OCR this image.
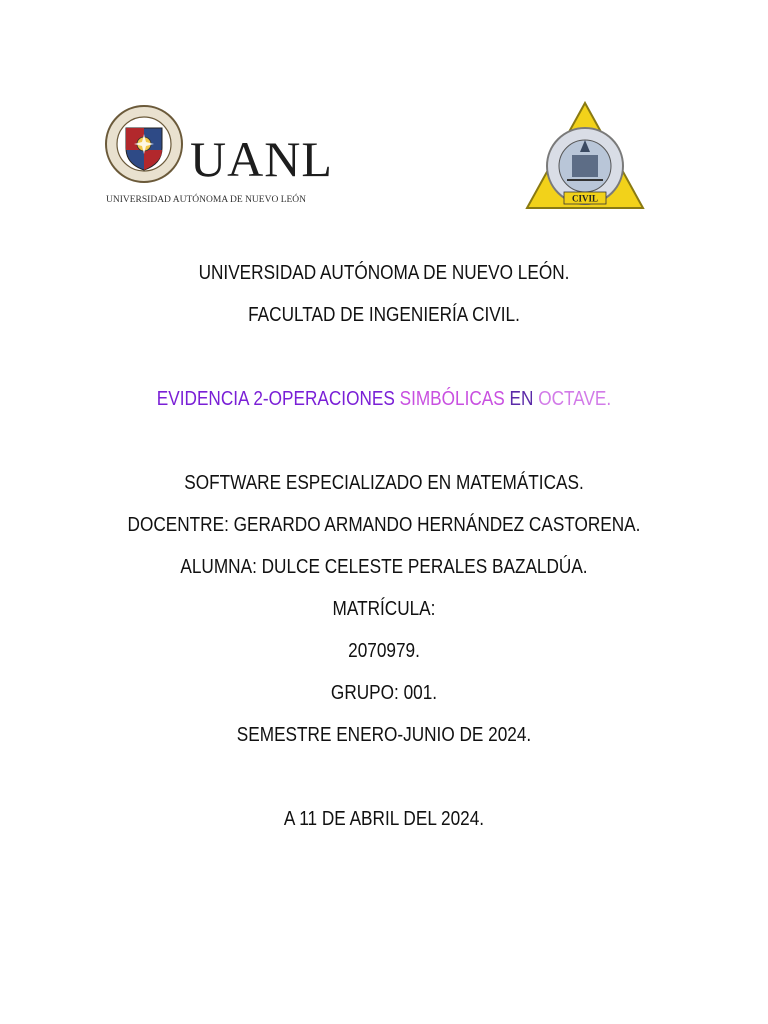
UANL
UNIVERSIDAD AUTÓNOMA DE NUEVO LEÓN	CIVIL
UNIVERSIDAD AUTÓNOMA DE NUEVO LEÓN.
FACULTAD DE INGENIERÍA CIVIL.
EVIDENCIA 2-OPERACIONES SIMBÓLICAS EN OCTAVE.
SOFTWARE ESPECIALIZADO EN MATEMÁTICAS.
DOCENTRE: GERARDO ARMANDO HERNÁNDEZ CASTORENA.
ALUMNA: DULCE CELESTE PERALES BAZALDÚA.
MATRÍCULA:
2070979.
GRUPO: 001.
SEMESTRE ENERO-JUNIO DE 2024.
A 11 DE ABRIL DEL 2024.
